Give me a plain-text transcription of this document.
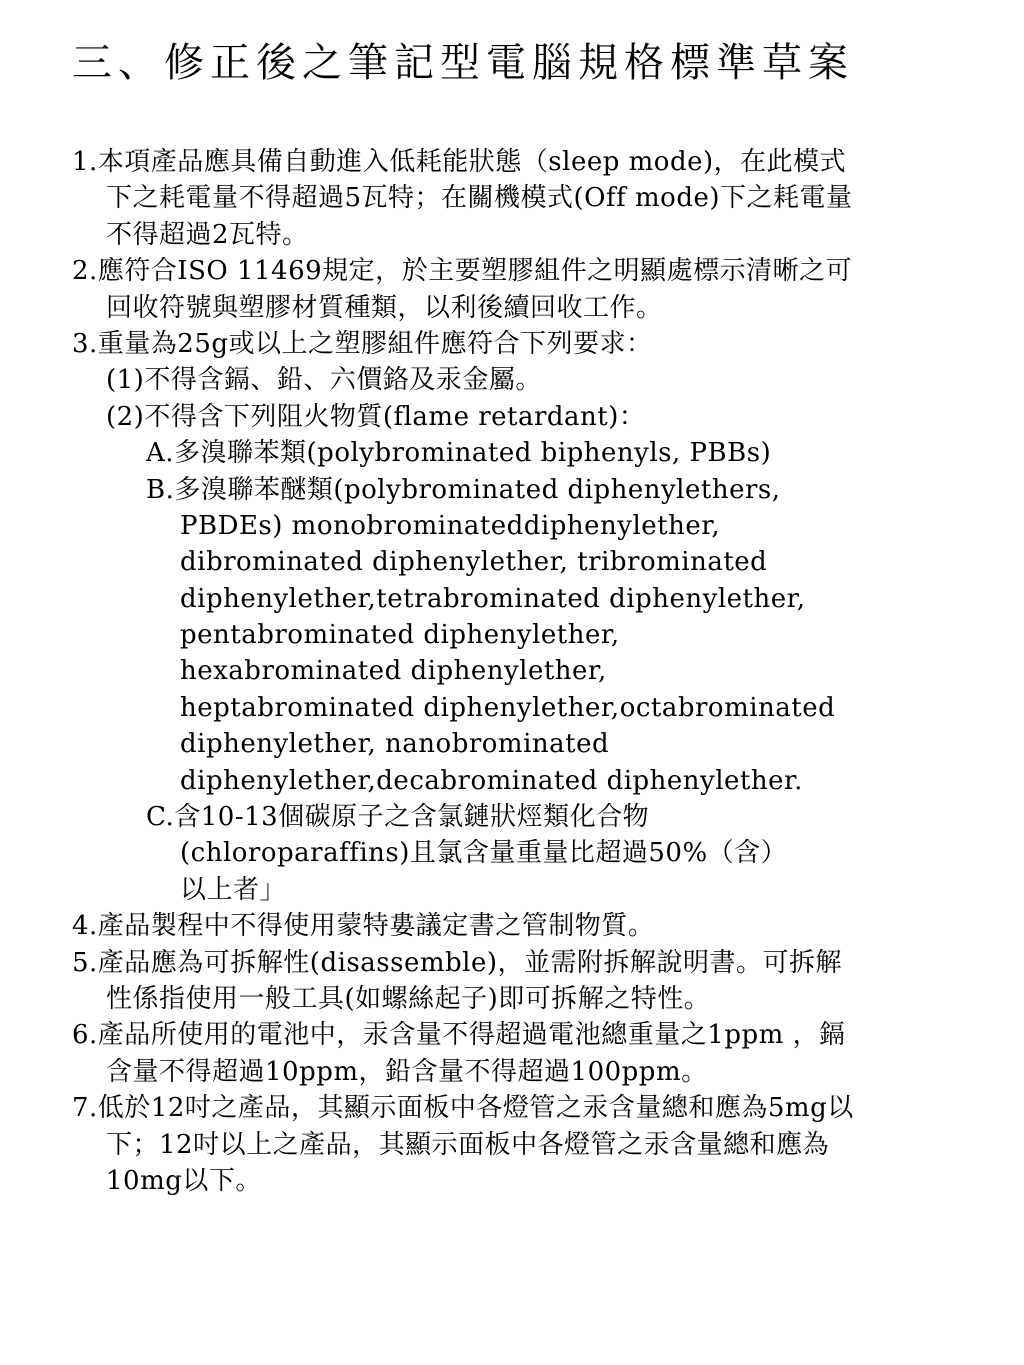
三、修正後之筆記型電腦規格標準草案
1.本項產品應具備自動進入低耗能狀態（sleep mode)，在此模式
下之耗電量不得超過5瓦特；在關機模式(Off mode)下之耗電量
不得超過2瓦特。
2.應符合ISO 11469規定，於主要塑膠組件之明顯處標示清晰之可
回收符號與塑膠材質種類，以利後續回收工作。
3.重量為25g或以上之塑膠組件應符合下列要求：
(1)不得含鎘、鉛、六價鉻及汞金屬。
(2)不得含下列阻火物質(flame retardant)：
A.多溴聯苯類(polybrominated biphenyls, PBBs)
B.多溴聯苯醚類(polybrominated diphenylethers,
PBDEs) monobrominateddiphenylether,
dibrominated diphenylether, tribrominated
diphenylether,tetrabrominated diphenylether,
pentabrominated diphenylether,
hexabrominated diphenylether,
heptabrominated diphenylether,octabrominated
diphenylether, nanobrominated
diphenylether,decabrominated diphenylether.
C.含10-13個碳原子之含氯鏈狀烴類化合物
(chloroparaffins)且氯含量重量比超過50%（含）
以上者」
4.產品製程中不得使用蒙特婁議定書之管制物質。
5.產品應為可拆解性(disassemble)，並需附拆解說明書。可拆解
性係指使用一般工具(如螺絲起子)即可拆解之特性。
6.產品所使用的電池中，汞含量不得超過電池總重量之1ppm ，鎘
含量不得超過10ppm，鉛含量不得超過100ppm。
7.低於12吋之產品，其顯示面板中各燈管之汞含量總和應為5mg以
下；12吋以上之產品，其顯示面板中各燈管之汞含量總和應為
10mg以下。
